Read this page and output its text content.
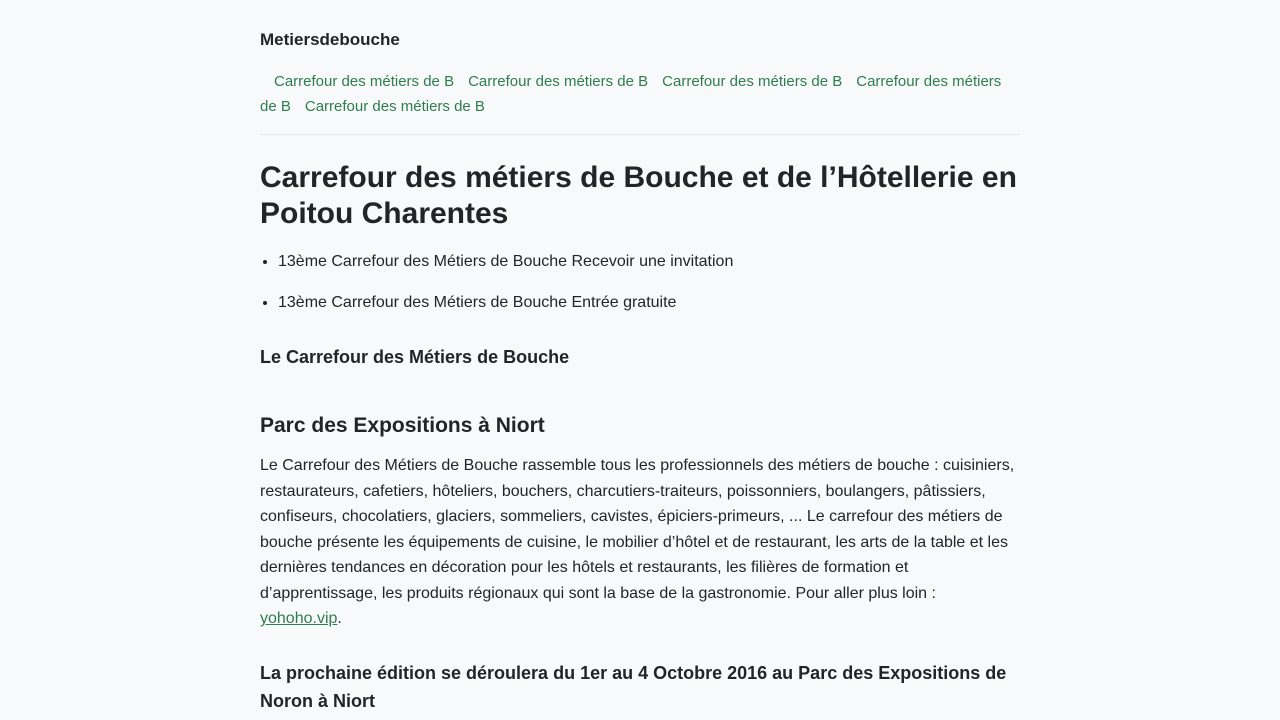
Metiersdebouche
Carrefour des métiers de B Carrefour des métiers de B Carrefour des métiers de B Carrefour des métiers de B Carrefour des métiers de B
Carrefour des métiers de Bouche et de l’Hôtellerie en Poitou Charentes
• 13ème Carrefour des Métiers de Bouche Recevoir une invitation
• 13ème Carrefour des Métiers de Bouche Entrée gratuite
Le Carrefour des Métiers de Bouche
Parc des Expositions à Niort

Le Carrefour des Métiers de Bouche rassemble tous les professionnels des métiers de bouche : cuisiniers, restaurateurs, cafetiers, hôteliers, bouchers, charcutiers-traiteurs, poissonniers, boulangers, pâtissiers, confiseurs, chocolatiers, glaciers, sommeliers, cavistes, épiciers-primeurs, ... Le carrefour des métiers de bouche présente les équipements de cuisine, le mobilier d’hôtel et de restaurant, les arts de la table et les dernières tendances en décoration pour les hôtels et restaurants, les filières de formation et d’apprentissage, les produits régionaux qui sont la base de la gastronomie. Pour aller plus loin : yohoho.vip.

La prochaine édition se déroulera du 1er au 4 Octobre 2016 au Parc des Expositions de Noron à Niort
